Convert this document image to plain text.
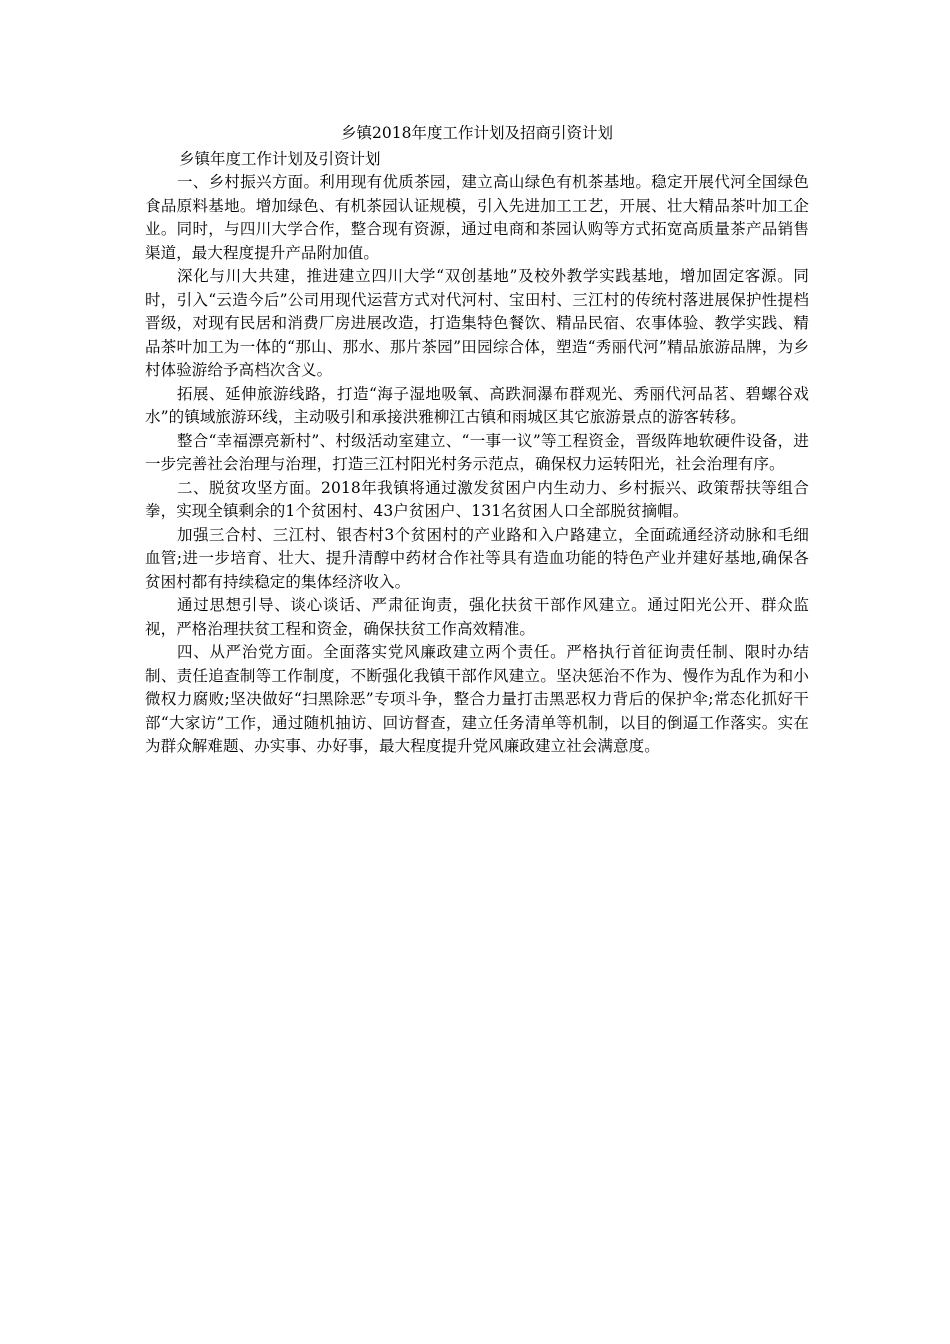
乡镇2018年度工作计划及招商引资计划

乡镇年度工作计划及引资计划

一、乡村振兴方面。利用现有优质茶园，建立高山绿色有机茶基地。稳定开展代河全国绿色食品原料基地。增加绿色、有机茶园认证规模，引入先进加工工艺，开展、壮大精品茶叶加工企业。同时，与四川大学合作，整合现有资源，通过电商和茶园认购等方式拓宽高质量茶产品销售渠道，最大程度提升产品附加值。

深化与川大共建，推进建立四川大学“双创基地”及校外教学实践基地，增加固定客源。同时，引入“云造今后”公司用现代运营方式对代河村、宝田村、三江村的传统村落进展保护性提档晋级，对现有民居和消费厂房进展改造，打造集特色餐饮、精品民宿、农事体验、教学实践、精品茶叶加工为一体的“那山、那水、那片茶园”田园综合体，塑造“秀丽代河”精品旅游品牌，为乡村体验游给予高档次含义。

拓展、延伸旅游线路，打造“海子湿地吸氧、高跌洞瀑布群观光、秀丽代河品茗、碧螺谷戏水”的镇域旅游环线，主动吸引和承接洪雅柳江古镇和雨城区其它旅游景点的游客转移。

整合“幸福漂亮新村”、村级活动室建立、“一事一议”等工程资金，晋级阵地软硬件设备，进一步完善社会治理与治理，打造三江村阳光村务示范点，确保权力运转阳光，社会治理有序。

二、脱贫攻坚方面。2018年我镇将通过激发贫困户内生动力、乡村振兴、政策帮扶等组合拳，实现全镇剩余的1个贫困村、43户贫困户、131名贫困人口全部脱贫摘帽。

加强三合村、三江村、银杏村3个贫困村的产业路和入户路建立，全面疏通经济动脉和毛细血管;进一步培育、壮大、提升清醇中药材合作社等具有造血功能的特色产业并建好基地,确保各贫困村都有持续稳定的集体经济收入。

通过思想引导、谈心谈话、严肃征询责，强化扶贫干部作风建立。通过阳光公开、群众监视，严格治理扶贫工程和资金，确保扶贫工作高效精准。

四、从严治党方面。全面落实党风廉政建立两个责任。严格执行首征询责任制、限时办结制、责任追查制等工作制度，不断强化我镇干部作风建立。坚决惩治不作为、慢作为乱作为和小微权力腐败;坚决做好“扫黑除恶”专项斗争，整合力量打击黑恶权力背后的保护伞;常态化抓好干部“大家访”工作，通过随机抽访、回访督查，建立任务清单等机制，以目的倒逼工作落实。实在为群众解难题、办实事、办好事，最大程度提升党风廉政建立社会满意度。
